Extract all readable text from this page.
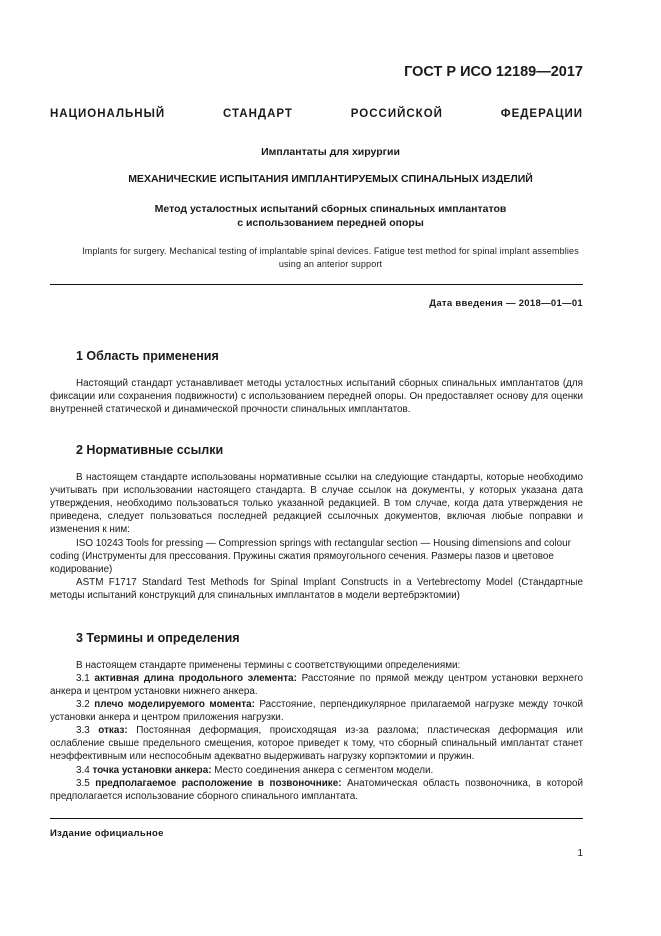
ГОСТ Р ИСО 12189—2017
НАЦИОНАЛЬНЫЙ СТАНДАРТ РОССИЙСКОЙ ФЕДЕРАЦИИ
Имплантаты для хирургии
МЕХАНИЧЕСКИЕ ИСПЫТАНИЯ ИМПЛАНТИРУЕМЫХ СПИНАЛЬНЫХ ИЗДЕЛИЙ
Метод усталостных испытаний сборных спинальных имплантатов
с использованием передней опоры
Implants for surgery. Mechanical testing of implantable spinal devices. Fatigue test method for spinal implant assemblies
using an anterior support
Дата введения — 2018—01—01
1 Область применения
Настоящий стандарт устанавливает методы усталостных испытаний сборных спинальных имплантатов (для фиксации или сохранения подвижности) с использованием передней опоры. Он предоставляет основу для оценки внутренней статической и динамической прочности спинальных имплантатов.
2 Нормативные ссылки
В настоящем стандарте использованы нормативные ссылки на следующие стандарты, которые необходимо учитывать при использовании настоящего стандарта. В случае ссылок на документы, у которых указана дата утверждения, необходимо пользоваться только указанной редакцией. В том случае, когда дата утверждения не приведена, следует пользоваться последней редакцией ссылочных документов, включая любые поправки и изменения к ним:
ISO 10243 Tools for pressing — Compression springs with rectangular section — Housing dimensions and colour coding (Инструменты для прессования. Пружины сжатия прямоугольного сечения. Размеры пазов и цветовое кодирование)
ASTM F1717 Standard Test Methods for Spinal Implant Constructs in a Vertebrectomy Model (Стандартные методы испытаний конструкций для спинальных имплантатов в модели вертебрэктомии)
3 Термины и определения
В настоящем стандарте применены термины с соответствующими определениями:
3.1 активная длина продольного элемента: Расстояние по прямой между центром установки верхнего анкера и центром установки нижнего анкера.
3.2 плечо моделируемого момента: Расстояние, перпендикулярное прилагаемой нагрузке между точкой установки анкера и центром приложения нагрузки.
3.3 отказ: Постоянная деформация, происходящая из-за разлома; пластическая деформация или ослабление свыше предельного смещения, которое приведет к тому, что сборный спинальный имплантат станет неэффективным или неспособным адекватно выдерживать нагрузку корпэктомии и пружин.
3.4 точка установки анкера: Место соединения анкера с сегментом модели.
3.5 предполагаемое расположение в позвоночнике: Анатомическая область позвоночника, в которой предполагается использование сборного спинального имплантата.
Издание официальное
1
